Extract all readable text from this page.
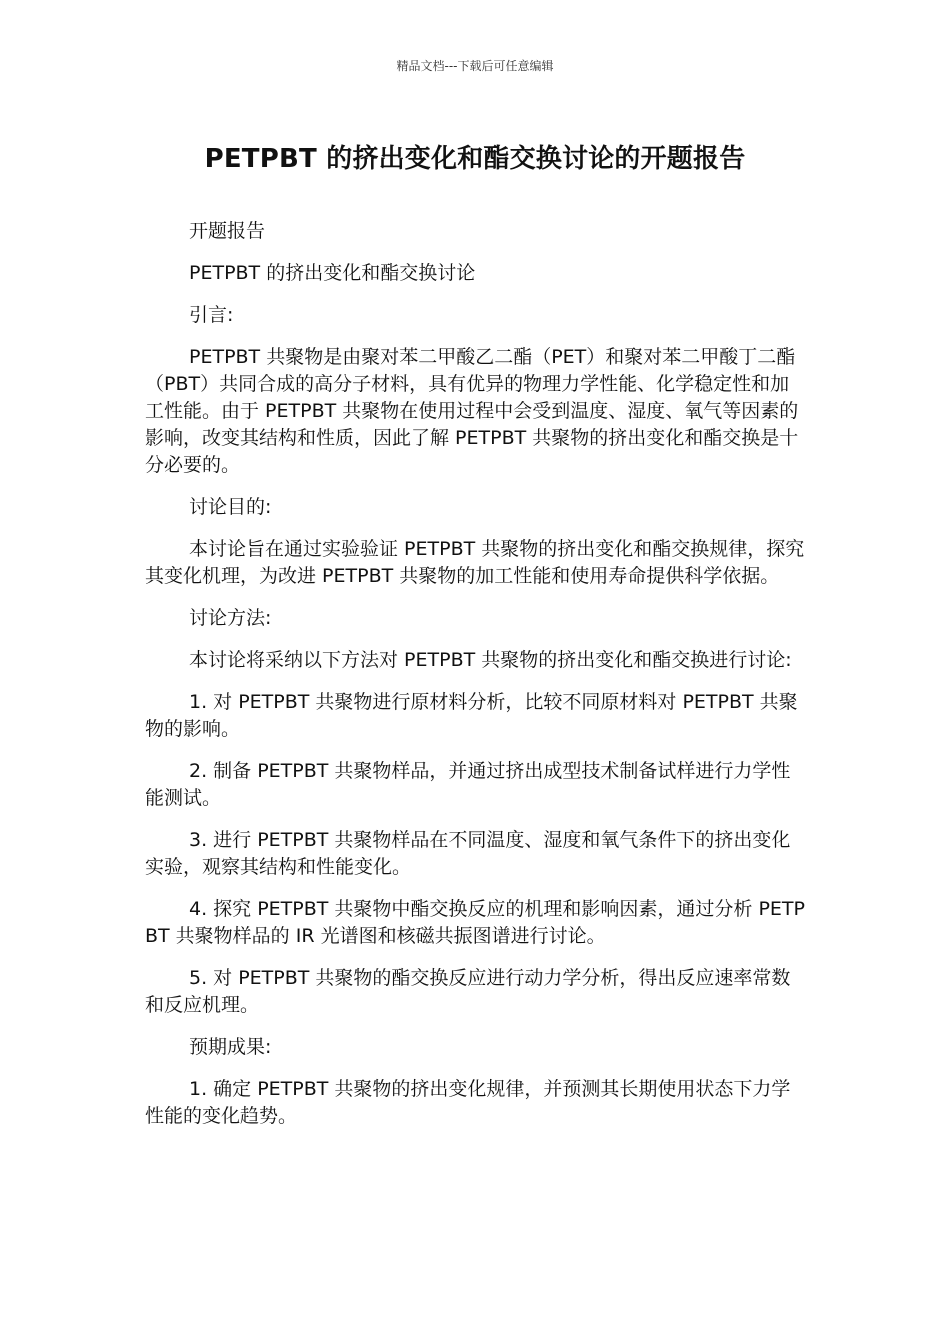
精品文档---下载后可任意编辑
PETPBT 的挤出变化和酯交换讨论的开题报告

开题报告

PETPBT 的挤出变化和酯交换讨论

引言:

PETPBT 共聚物是由聚对苯二甲酸乙二酯（PET）和聚对苯二甲酸丁二酯（PBT）共同合成的高分子材料，具有优异的物理力学性能、化学稳定性和加工性能。由于 PETPBT 共聚物在使用过程中会受到温度、湿度、氧气等因素的影响，改变其结构和性质，因此了解 PETPBT 共聚物的挤出变化和酯交换是十分必要的。

讨论目的:

本讨论旨在通过实验验证 PETPBT 共聚物的挤出变化和酯交换规律，探究其变化机理，为改进 PETPBT 共聚物的加工性能和使用寿命提供科学依据。

讨论方法:

本讨论将采纳以下方法对 PETPBT 共聚物的挤出变化和酯交换进行讨论:

1. 对 PETPBT 共聚物进行原材料分析，比较不同原材料对 PETPBT 共聚物的影响。

2. 制备 PETPBT 共聚物样品，并通过挤出成型技术制备试样进行力学性能测试。

3. 进行 PETPBT 共聚物样品在不同温度、湿度和氧气条件下的挤出变化实验，观察其结构和性能变化。

4. 探究 PETPBT 共聚物中酯交换反应的机理和影响因素，通过分析 PETPBT 共聚物样品的 IR 光谱图和核磁共振图谱进行讨论。

5. 对 PETPBT 共聚物的酯交换反应进行动力学分析，得出反应速率常数和反应机理。

预期成果:

1. 确定 PETPBT 共聚物的挤出变化规律，并预测其长期使用状态下力学性能的变化趋势。
